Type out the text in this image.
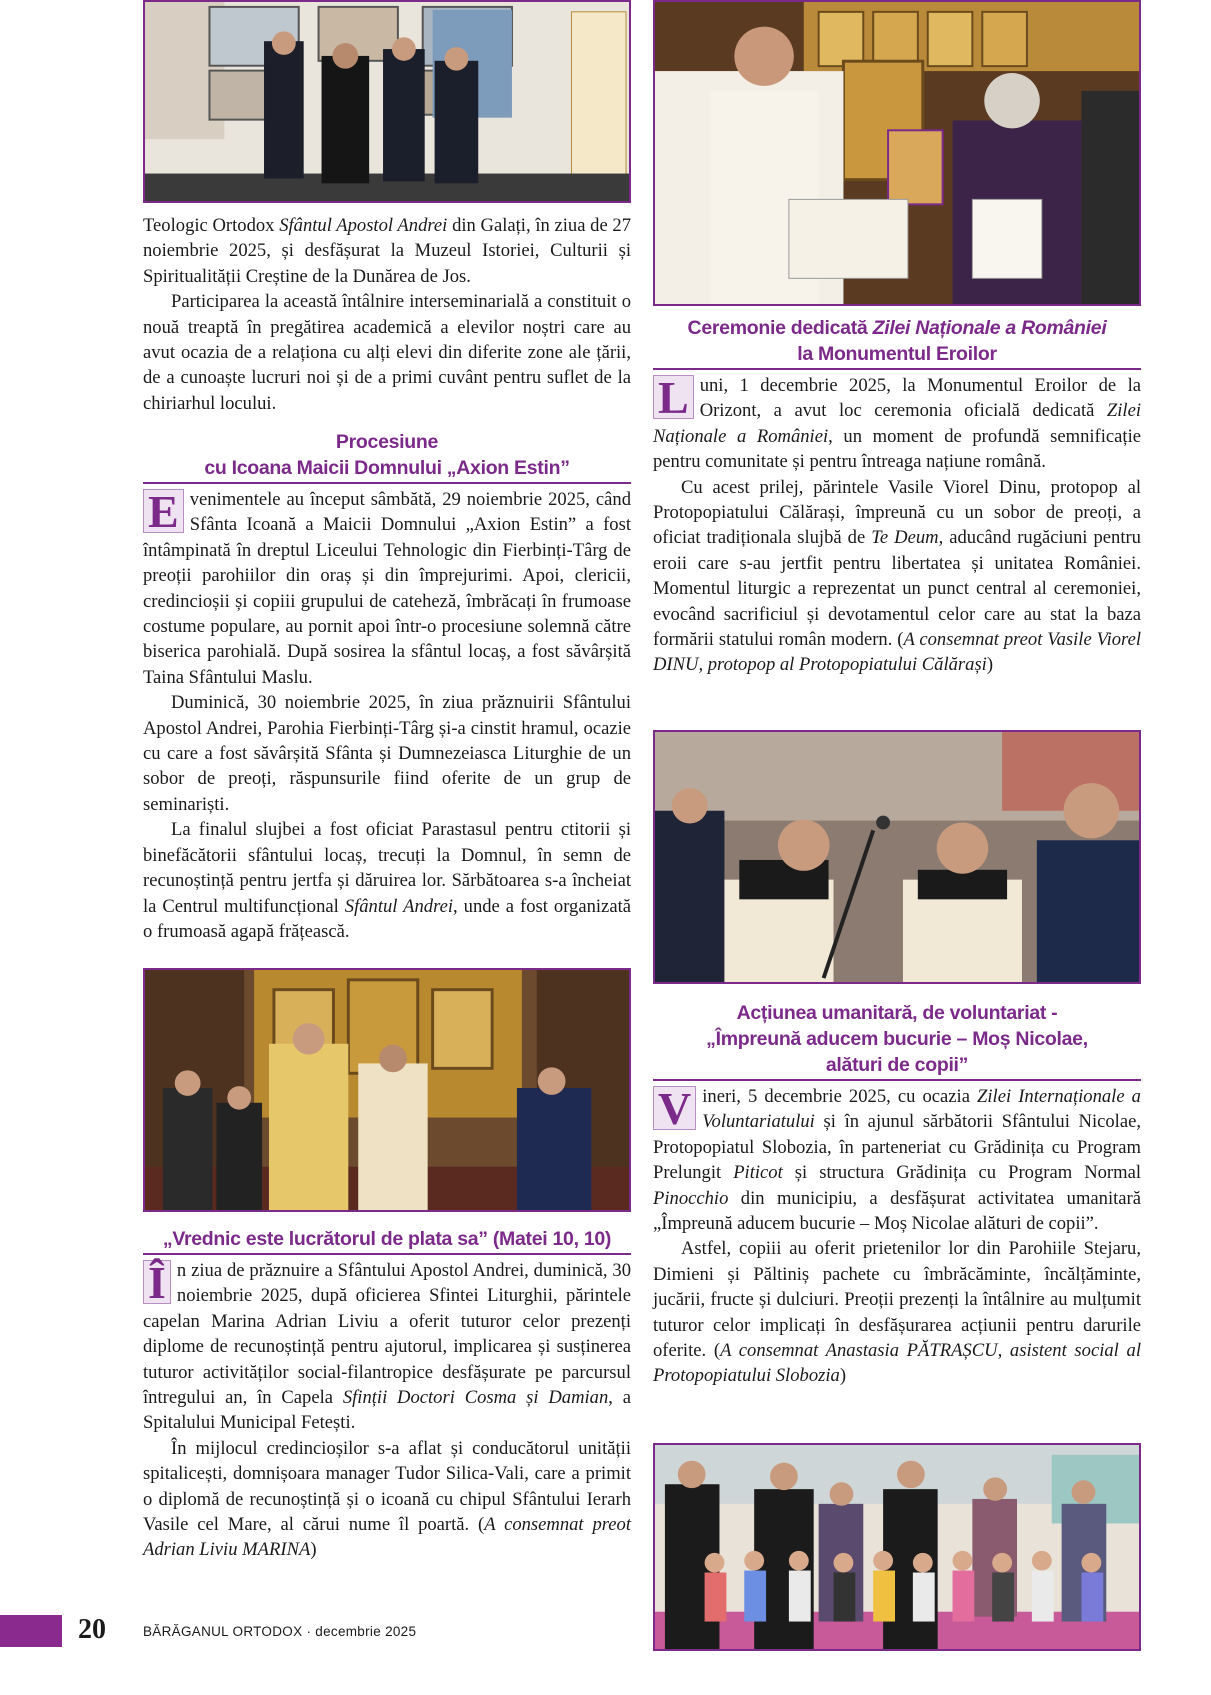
Teologic Ortodox Sfântul Apostol Andrei din Galați, în ziua de 27 noiembrie 2025, și desfășurat la Muzeul Istoriei, Culturii și Spiritualității Creștine de la Dunărea de Jos.

Participarea la această întâlnire interseminarială a constituit o nouă treaptă în pregătirea academică a elevilor noștri care au avut ocazia de a relaționa cu alți elevi din diferite zone ale țării, de a cunoaște lucruri noi și de a primi cuvânt pentru suflet de la chiriarhul locului.

Procesiune
cu Icoana Maicii Domnului „Axion Estin”

E venimentele au început sâmbătă, 29 noiembrie 2025, când Sfânta Icoană a Maicii Domnului „Axion Estin” a fost întâmpinată în dreptul Liceului Tehnologic din Fierbinți-Târg de preoții parohiilor din oraș și din împrejurimi. Apoi, clericii, credincioșii și copiii grupului de cateheză, îmbrăcați în frumoase costume populare, au pornit apoi într-o procesiune solemnă către biserica parohială. După sosirea la sfântul locaș, a fost săvârșită Taina Sfântului Maslu.

Duminică, 30 noiembrie 2025, în ziua prăznuirii Sfântului Apostol Andrei, Parohia Fierbinți-Târg și-a cinstit hramul, ocazie cu care a fost săvârșită Sfânta și Dumnezeiasca Liturghie de un sobor de preoți, răspunsurile fiind oferite de un grup de seminariști.

La finalul slujbei a fost oficiat Parastasul pentru ctitorii și binefăcătorii sfântului locaș, trecuți la Domnul, în semn de recunoștință pentru jertfa și dăruirea lor. Sărbătoarea s-a încheiat la Centrul multifuncțional Sfântul Andrei, unde a fost organizată o frumoasă agapă frățească.

„Vrednic este lucrătorul de plata sa” (Matei 10, 10)

Î n ziua de prăznuire a Sfântului Apostol Andrei, duminică, 30 noiembrie 2025, după oficierea Sfintei Liturghii, părintele capelan Marina Adrian Liviu a oferit tuturor celor prezenți diplome de recunoștință pentru ajutorul, implicarea și susținerea tuturor activităților social-filantropice desfășurate pe parcursul întregului an, în Capela Sfinții Doctori Cosma și Damian, a Spitalului Municipal Fetești.

În mijlocul credincioșilor s-a aflat și conducătorul unității spitalicești, domnișoara manager Tudor Silica-Vali, care a primit o diplomă de recunoștință și o icoană cu chipul Sfântului Ierarh Vasile cel Mare, al cărui nume îl poartă. (A consemnat preot Adrian Liviu MARINA)

Ceremonie dedicată Zilei Naționale a României
la Monumentul Eroilor

L uni, 1 decembrie 2025, la Monumentul Eroilor de la Orizont, a avut loc ceremonia oficială dedicată Zilei Naționale a României, un moment de profundă semnificație pentru comunitate și pentru întreaga națiune română.

Cu acest prilej, părintele Vasile Viorel Dinu, protopop al Protopopiatului Călărași, împreună cu un sobor de preoți, a oficiat tradiționala slujbă de Te Deum, aducând rugăciuni pentru eroii care s-au jertfit pentru libertatea și unitatea României. Momentul liturgic a reprezentat un punct central al ceremoniei, evocând sacrificiul și devotamentul celor care au stat la baza formării statului român modern. (A consemnat preot Vasile Viorel DINU, protopop al Protopopiatului Călărași)

Acțiunea umanitară, de voluntariat -
„Împreună aducem bucurie – Moș Nicolae,
alături de copii”

V ineri, 5 decembrie 2025, cu ocazia Zilei Internaționale a Voluntariatului și în ajunul sărbătorii Sfântului Nicolae, Protopopiatul Slobozia, în parteneriat cu Grădinița cu Program Prelungit Piticot și structura Grădinița cu Program Normal Pinocchio din municipiu, a desfășurat activitatea umanitară „Împreună aducem bucurie – Moș Nicolae alături de copii”.

Astfel, copiii au oferit prietenilor lor din Parohiile Stejaru, Dimieni și Păltiniș pachete cu îmbrăcăminte, încălțăminte, jucării, fructe și dulciuri. Preoții prezenți la întâlnire au mulțumit tuturor celor implicați în desfășurarea acțiunii pentru darurile oferite. (A consemnat Anastasia PĂTRAȘCU, asistent social al Protopopiatului Slobozia)

20	BĂRĂGANUL ORTODOX · decembrie 2025
